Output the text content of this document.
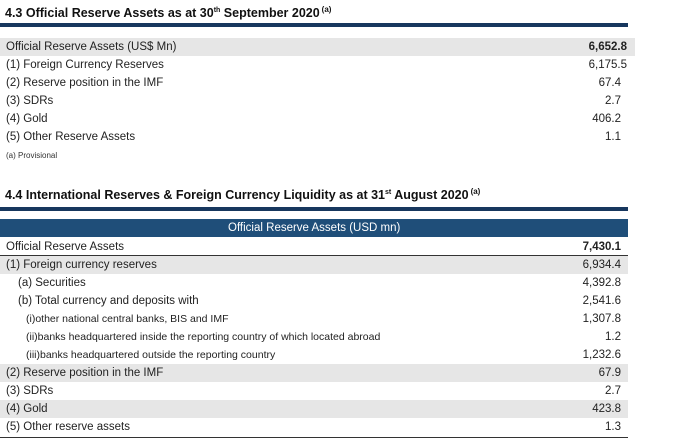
4.3 Official Reserve Assets as at 30th September 2020 $^{(a)}$
Official Reserve Assets (US$ Mn)	6,652.8
(1) Foreign Currency Reserves	6,175.5
(2) Reserve position in the IMF	67.4
(3) SDRs	2.7
(4) Gold	406.2
(5) Other Reserve Assets	1.1
(a) Provisional
4.4 International Reserves & Foreign Currency Liquidity as at 31st August 2020 $^{(a)}$
Official Reserve Assets (USD mn)
Official Reserve Assets	7,430.1
(1) Foreign currency reserves	6,934.4
(a) Securities	4,392.8
(b) Total currency and deposits with	2,541.6
(i)other national central banks, BIS and IMF	1,307.8
(ii)banks headquartered inside the reporting country of which located abroad	1.2
(iii)banks headquartered outside the reporting country	1,232.6
(2) Reserve position in the IMF	67.9
(3) SDRs	2.7
(4) Gold	423.8
(5) Other reserve assets	1.3
